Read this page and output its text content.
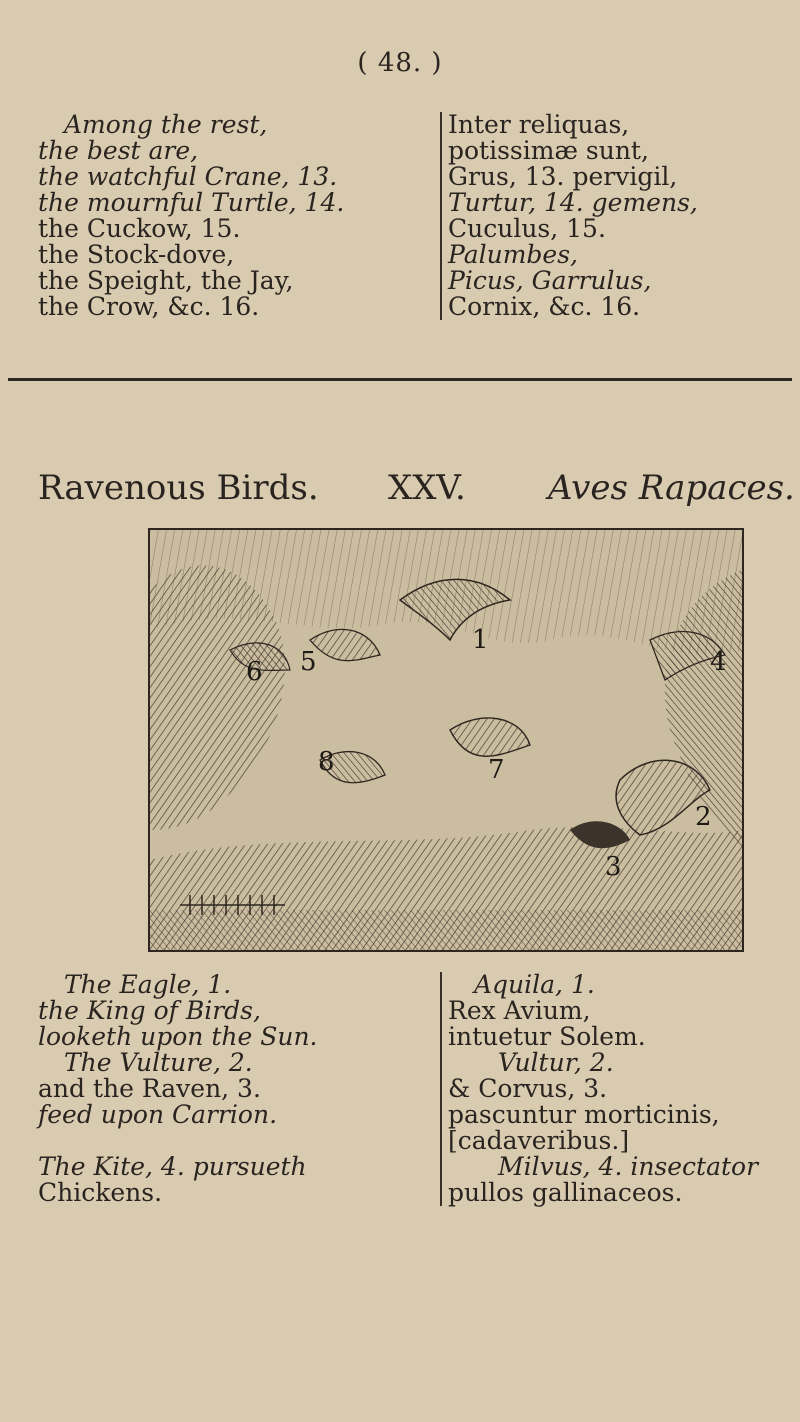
( 48. )
Among the rest,
the best are,
the watchful Crane, 13.
the mournful Turtle, 14.
the Cuckow, 15.
the Stock-dove,
the Speight, the Jay,
the Crow, &c. 16.
Inter reliquas,
potissimæ sunt,
Grus, 13. pervigil,
Turtur, 14. gemens,
Cuculus, 15.
Palumbes,
Picus, Garrulus,
Cornix, &c. 16.
Ravenous Birds. XXV. Aves Rapaces.
1
2
3
4
5
6
7
8
The Eagle, 1.
the King of Birds,
looketh upon the Sun.
The Vulture, 2.
and the Raven, 3.
feed upon Carrion.
The Kite, 4. pursueth
Chickens.
Aquila, 1.
Rex Avium,
intuetur Solem.
Vultur, 2.
& Corvus, 3.
pascuntur morticinis,
[cadaveribus.]
Milvus, 4. insectator
pullos gallinaceos.
